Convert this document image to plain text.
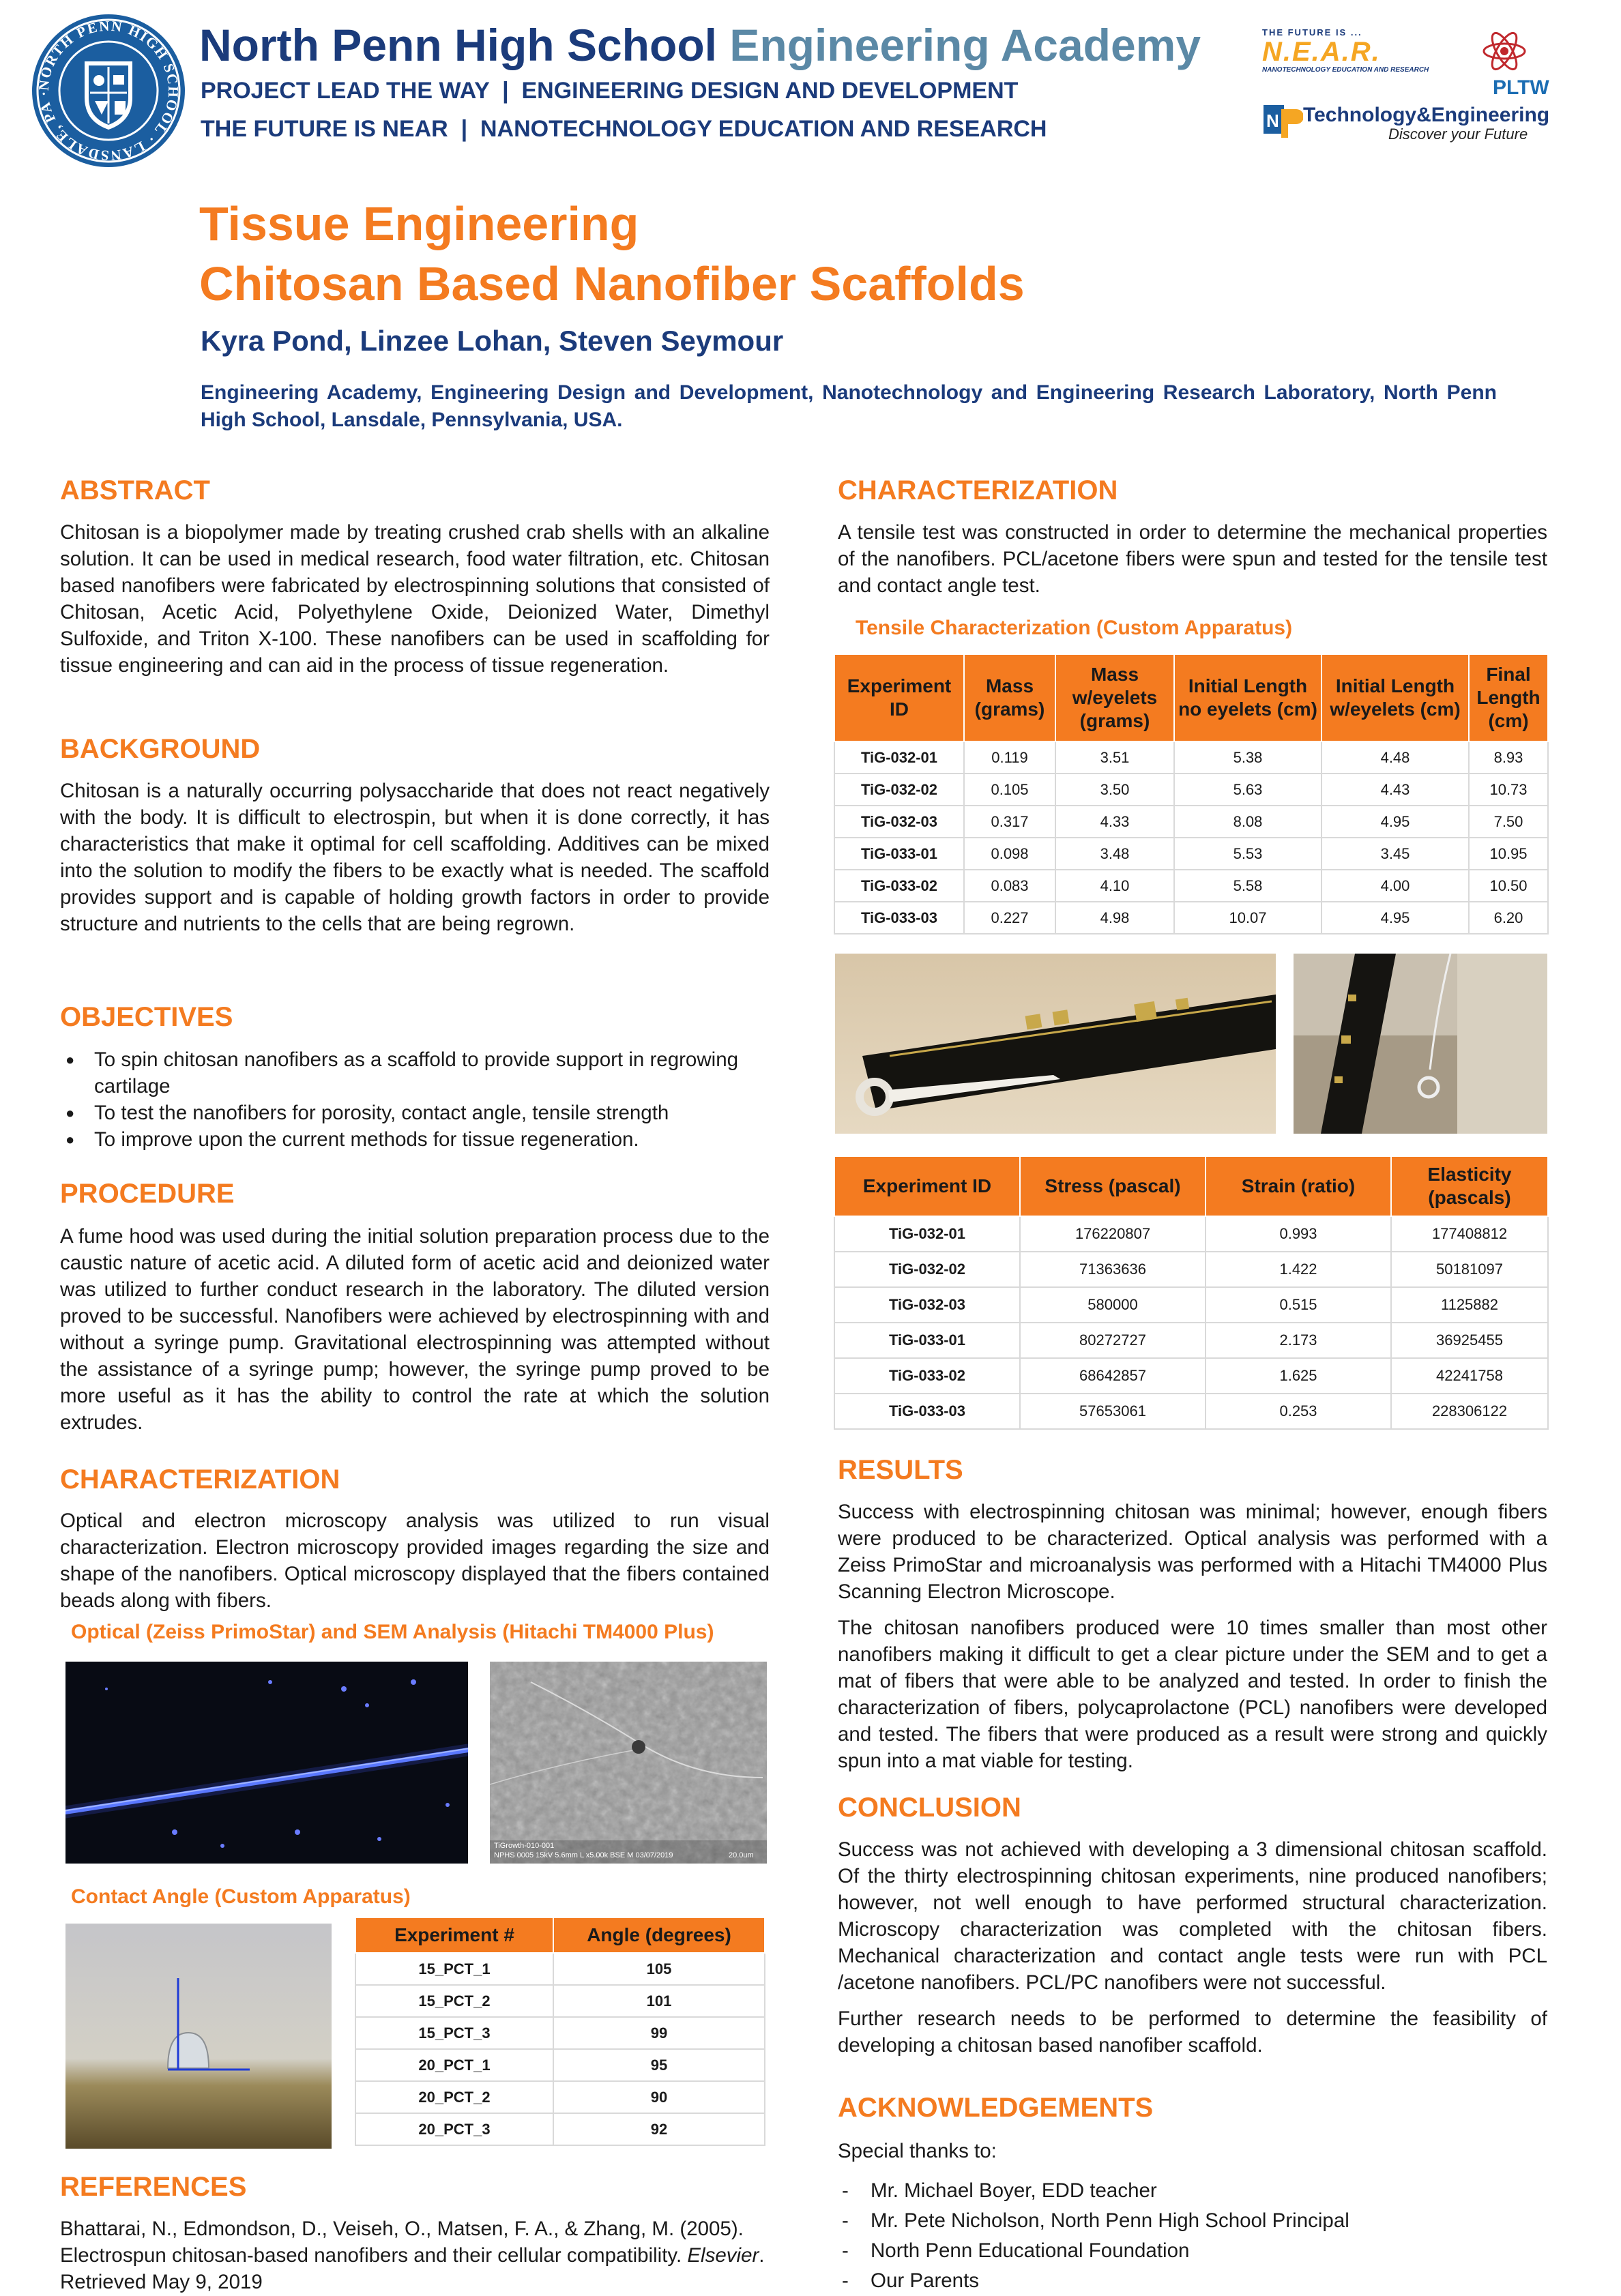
NORTH PENN HIGH SCHOOL · LANSDALE, PA ·
North Penn High School Engineering Academy
PROJECT LEAD THE WAY  |  ENGINEERING DESIGN AND DEVELOPMENT
THE FUTURE IS NEAR  |  NANOTECHNOLOGY EDUCATION AND RESEARCH
THE FUTURE IS ...
N.E.A.R.
NANOTECHNOLOGY EDUCATION AND RESEARCH
PLTW
N Technology&Engineering
Discover your Future
Tissue Engineering
Chitosan Based Nanofiber Scaffolds
Kyra Pond, Linzee Lohan, Steven Seymour
Engineering Academy, Engineering Design and Development, Nanotechnology and Engineering Research Laboratory, North Penn High School, Lansdale, Pennsylvania, USA.
ABSTRACT
Chitosan is a biopolymer made by treating crushed crab shells with an alkaline solution. It can be used in medical research, food water filtration, etc. Chitosan based nanofibers were fabricated by electrospinning solutions that consisted of Chitosan, Acetic Acid, Polyethylene Oxide, Deionized Water, Dimethyl Sulfoxide, and Triton X-100. These nanofibers can be used in scaffolding for tissue engineering and can aid in the process of tissue regeneration.
BACKGROUND
Chitosan is a naturally occurring polysaccharide that does not react negatively with the body. It is difficult to electrospin, but when it is done correctly, it has characteristics that make it optimal for cell scaffolding. Additives can be mixed into the solution to modify the fibers to be exactly what is needed. The scaffold provides support and is capable of holding growth factors in order to provide structure and nutrients to the cells that are being regrown.
OBJECTIVES
● To spin chitosan nanofibers as a scaffold to provide support in regrowing cartilage
● To test the nanofibers for porosity, contact angle, tensile strength
● To improve upon the current methods for tissue regeneration.
PROCEDURE
A fume hood was used during the initial solution preparation process due to the caustic nature of acetic acid. A diluted form of acetic acid and deionized water was utilized to further conduct research in the laboratory. The diluted version proved to be successful. Nanofibers were achieved by electrospinning with and without a syringe pump. Gravitational electrospinning was attempted without the assistance of a syringe pump; however, the syringe pump proved to be more useful as it has the ability to control the rate at which the solution extrudes.
CHARACTERIZATION
Optical and electron microscopy analysis was utilized to run visual characterization. Electron microscopy provided images regarding the size and shape of the nanofibers. Optical microscopy displayed that the fibers contained beads along with fibers.
Optical (Zeiss PrimoStar) and SEM Analysis (Hitachi TM4000 Plus)
TiGrowth-010-001
NPHS 0005 15kV 5.6mm L x5.00k BSE M 03/07/2019	20.0um
Contact Angle (Custom Apparatus)
Experiment #	Angle (degrees)
15_PCT_1	105
15_PCT_2	101
15_PCT_3	99
20_PCT_1	95
20_PCT_2	90
20_PCT_3	92
REFERENCES
Bhattarai, N., Edmondson, D., Veiseh, O., Matsen, F. A., & Zhang, M. (2005). Electrospun chitosan-based nanofibers and their cellular compatibility. Elsevier. Retrieved May 9, 2019
CHARACTERIZATION
A tensile test was constructed in order to determine the mechanical properties of the nanofibers. PCL/acetone fibers were spun and tested for the tensile test and contact angle test.
Tensile Characterization (Custom Apparatus)
Experiment ID	Mass (grams)	Mass w/eyelets (grams)	Initial Length no eyelets (cm)	Initial Length w/eyelets (cm)	Final Length (cm)
TiG-032-01	0.119	3.51	5.38	4.48	8.93
TiG-032-02	0.105	3.50	5.63	4.43	10.73
TiG-032-03	0.317	4.33	8.08	4.95	7.50
TiG-033-01	0.098	3.48	5.53	3.45	10.95
TiG-033-02	0.083	4.10	5.58	4.00	10.50
TiG-033-03	0.227	4.98	10.07	4.95	6.20
Experiment ID	Stress (pascal)	Strain (ratio)	Elasticity (pascals)
TiG-032-01	176220807	0.993	177408812
TiG-032-02	71363636	1.422	50181097
TiG-032-03	580000	0.515	1125882
TiG-033-01	80272727	2.173	36925455
TiG-033-02	68642857	1.625	42241758
TiG-033-03	57653061	0.253	228306122
RESULTS

Success with electrospinning chitosan was minimal; however, enough fibers were produced to be characterized. Optical analysis was performed with a Zeiss PrimoStar and microanalysis was performed with a Hitachi TM4000 Plus Scanning Electron Microscope.

The chitosan nanofibers produced were 10 times smaller than most other nanofibers making it difficult to get a clear picture under the SEM and to get a mat of fibers that were able to be analyzed and tested. In order to finish the characterization of fibers, polycaprolactone (PCL) nanofibers were developed and tested. The fibers that were produced as a result were strong and quickly spun into a mat viable for testing.

CONCLUSION

Success was not achieved with developing a 3 dimensional chitosan scaffold. Of the thirty electrospinning chitosan experiments, nine produced nanofibers; however, not well enough to have performed structural characterization. Microscopy characterization was completed with the chitosan fibers. Mechanical characterization and contact angle tests were run with PCL /acetone nanofibers. PCL/PC nanofibers were not successful.

Further research needs to be performed to determine the feasibility of developing a chitosan based nanofiber scaffold.

ACKNOWLEDGEMENTS
Special thanks to:
- Mr. Michael Boyer, EDD teacher
- Mr. Pete Nicholson, North Penn High School Principal
- North Penn Educational Foundation
- Our Parents
